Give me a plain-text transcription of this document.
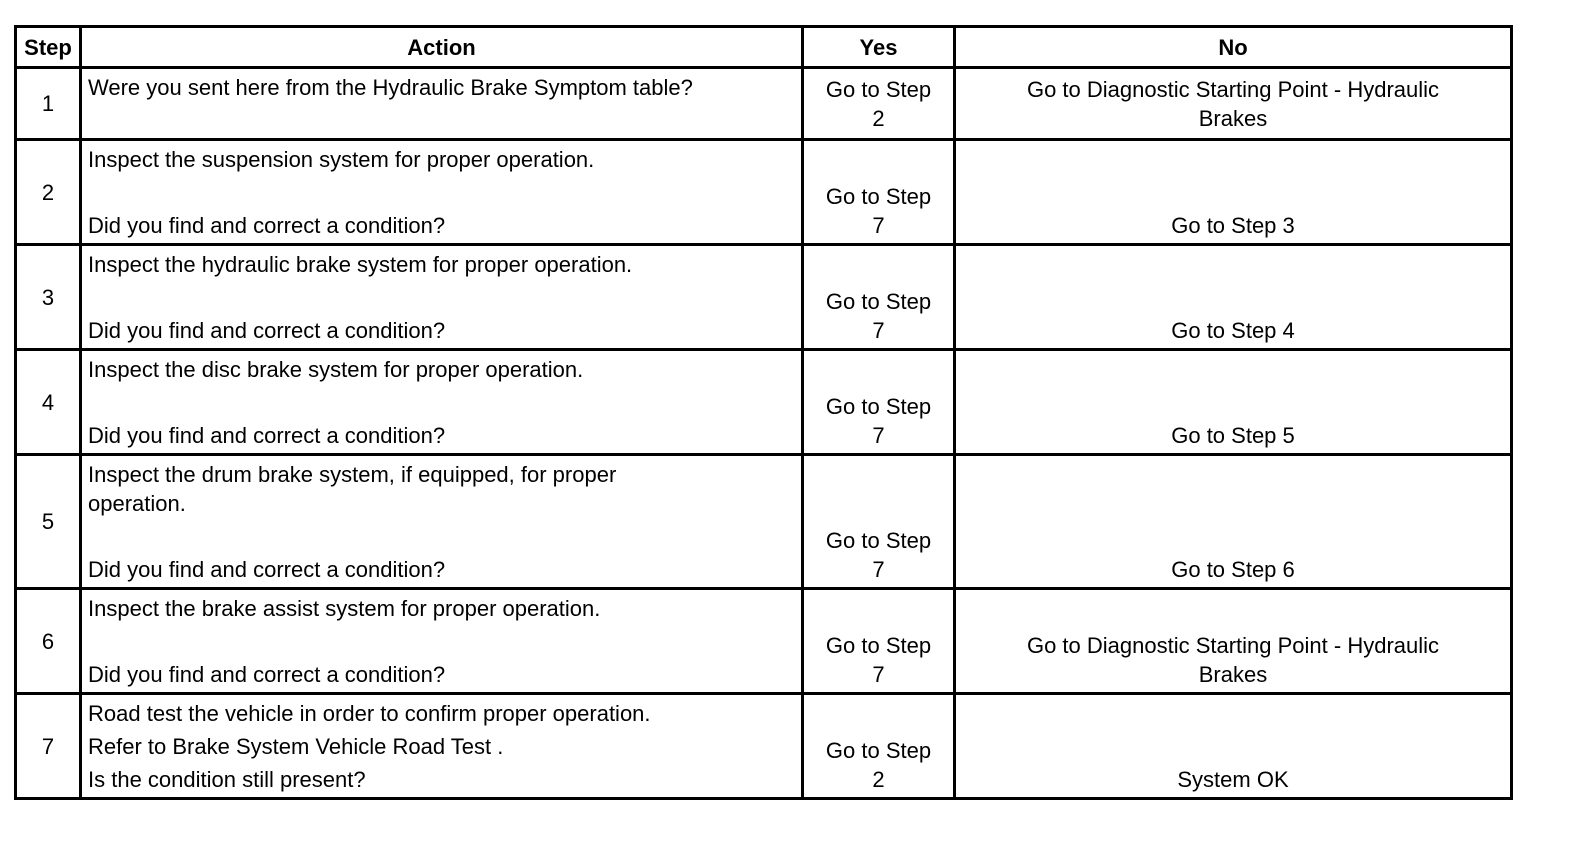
Step	Action	Yes	No
1	Were you sent here from the Hydraulic Brake Symptom table?	Go to Step 2	Go to Diagnostic Starting Point - Hydraulic Brakes

2	Inspect the suspension system for proper operation.
Did you find and correct a condition?	Go to Step 7	Go to Step 3

3	Inspect the hydraulic brake system for proper operation.
Did you find and correct a condition?	Go to Step 7	Go to Step 4

4	Inspect the disc brake system for proper operation.
Did you find and correct a condition?	Go to Step 7	Go to Step 5

5	Inspect the drum brake system, if equipped, for proper operation.
Did you find and correct a condition?	Go to Step 7	Go to Step 6

6	Inspect the brake assist system for proper operation.
Did you find and correct a condition?	Go to Step 7	Go to Diagnostic Starting Point - Hydraulic Brakes

7	Road test the vehicle in order to confirm proper operation.
Refer to Brake System Vehicle Road Test .
Is the condition still present?	Go to Step 2	System OK
